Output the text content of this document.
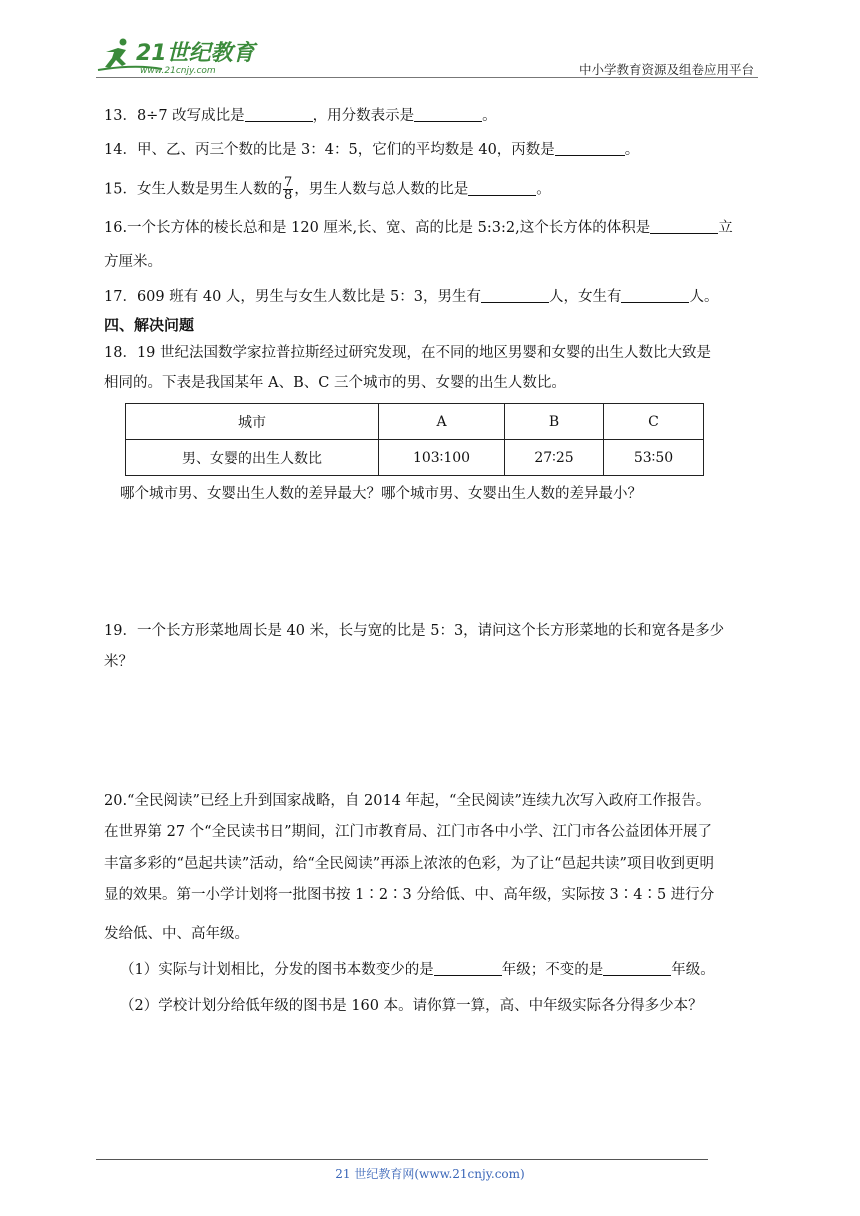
21世纪教育
www.21cnjy.com	中小学教育资源及组卷应用平台
13．8÷7 改写成比是	，用分数表示是	。
14．甲、乙、丙三个数的比是 3：4：5，它们的平均数是 40，丙数是	。
15．女生人数是男生人数的 $\frac{7}{8}$ ，男生人数与总人数的比是	。
16.一个长方体的棱长总和是 120 厘米,长、宽、高的比是 5:3:2,这个长方体的体积是	立
方厘米。
17．609 班有 40 人，男生与女生人数比是 5：3，男生有	人，女生有	人。
四、解决问题
18．19 世纪法国数学家拉普拉斯经过研究发现，在不同的地区男婴和女婴的出生人数比大致是
相同的。下表是我国某年 A、B、C 三个城市的男、女婴的出生人数比。
城市	A	B	C
男、女婴的出生人数比	103∶100	27∶25	53∶50
哪个城市男、女婴出生人数的差异最大？哪个城市男、女婴出生人数的差异最小？
19．一个长方形菜地周长是 40 米，长与宽的比是 5：3，请问这个长方形菜地的长和宽各是多少
米？
20.“全民阅读”已经上升到国家战略，自 2014 年起，“全民阅读”连续九次写入政府工作报告。
在世界第 27 个“全民读书日”期间，江门市教育局、江门市各中小学、江门市各公益团体开展了
丰富多彩的“邑起共读”活动，给“全民阅读”再添上浓浓的色彩，为了让“邑起共读”项目收到更明
显的效果。第一小学计划将一批图书按 1∶2∶3 分给低、中、高年级，实际按 3∶4∶5 进行分
发给低、中、高年级。
（1）实际与计划相比，分发的图书本数变少的是	年级；不变的是	年级。
（2）学校计划分给低年级的图书是 160 本。请你算一算，高、中年级实际各分得多少本？
21 世纪教育网(www.21cnjy.com)
